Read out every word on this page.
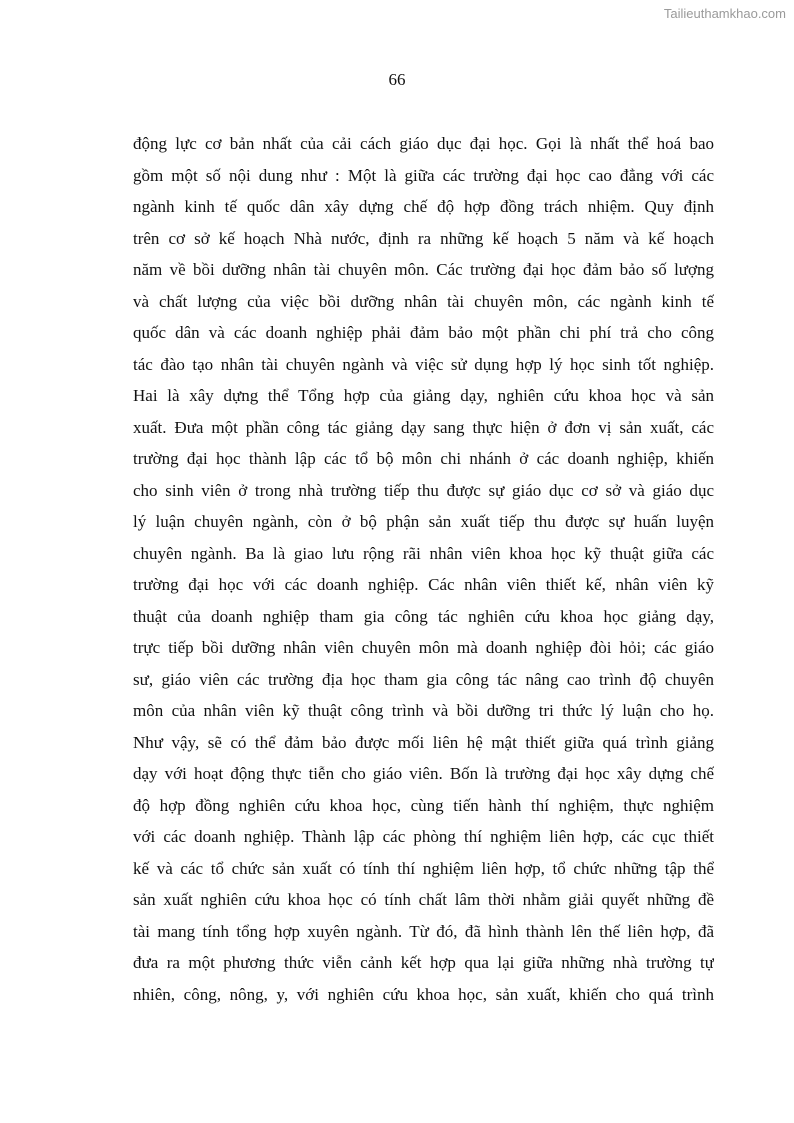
Tailieuthamkhao.com
66
động lực cơ bản nhất của cải cách giáo dục đại học. Gọi là nhất thể hoá bao
gồm một số nội dung như : Một là giữa các trường đại học cao đẳng với các
ngành kinh tế quốc dân xây dựng chế độ hợp đồng trách nhiệm. Quy định
trên cơ sở kế hoạch Nhà nước, định ra những kế hoạch 5 năm và kế hoạch
năm về bồi dưỡng nhân tài chuyên môn. Các trường đại học đảm bảo số lượng
và chất lượng của việc bồi dưỡng nhân tài chuyên môn, các ngành kinh tế
quốc dân và các doanh nghiệp phải đảm bảo một phần chi phí trả cho công
tác đào tạo nhân tài chuyên ngành và việc sử dụng hợp lý học sinh tốt nghiệp.
Hai là xây dựng thể Tổng hợp của giảng dạy, nghiên cứu khoa học và sản
xuất. Đưa một phần công tác giảng dạy sang thực hiện ở đơn vị sản xuất, các
trường đại học thành lập các tổ bộ môn chi nhánh ở các doanh nghiệp, khiến
cho sinh viên ở trong nhà trường tiếp thu được sự giáo dục cơ sở và giáo dục
lý luận chuyên ngành, còn ở bộ phận sản xuất tiếp thu được sự huấn luyện
chuyên ngành. Ba là giao lưu rộng rãi nhân viên khoa học kỹ thuật giữa các
trường đại học với các doanh nghiệp. Các nhân viên thiết kế, nhân viên kỹ
thuật của doanh nghiệp tham gia công tác nghiên cứu khoa học giảng dạy,
trực tiếp bồi dưỡng nhân viên chuyên môn mà doanh nghiệp đòi hỏi; các giáo
sư, giáo viên các trường địa học tham gia công tác nâng cao trình độ chuyên
môn của nhân viên kỹ thuật công trình và bồi dưỡng tri thức lý luận cho họ.
Như vậy, sẽ có thể đảm bảo được mối liên hệ mật thiết giữa quá trình giảng
dạy với hoạt động thực tiễn cho giáo viên. Bốn là trường đại học xây dựng chế
độ hợp đồng nghiên cứu khoa học, cùng tiến hành thí nghiệm, thực nghiệm
với các doanh nghiệp. Thành lập các phòng thí nghiệm liên hợp, các cục thiết
kế và các tổ chức sản xuất có tính thí nghiệm liên hợp, tổ chức những tập thể
sản xuất nghiên cứu khoa học có tính chất lâm thời nhằm giải quyết những đề
tài mang tính tổng hợp xuyên ngành. Từ đó, đã hình thành lên thế liên hợp, đã
đưa ra một phương thức viễn cảnh kết hợp qua lại giữa những nhà trường tự
nhiên, công, nông, y, với nghiên cứu khoa học, sản xuất, khiến cho quá trình
